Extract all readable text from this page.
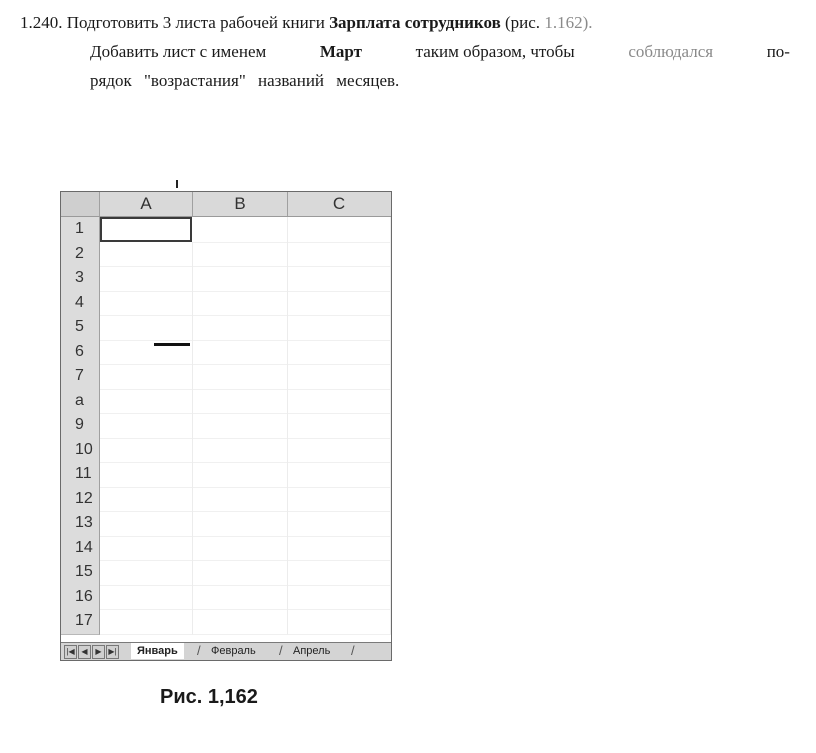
1.240. Подготовить 3 листа рабочей книги Зарплата сотрудников (рис. 1.162).
Добавить лист с именем	Март	таким образом, чтобы	соблюдался	по-
рядок "возрастания" названий месяцев.
A	B	C
1
2
3
4
5
6
7
a
9
10
11
12
13
14
15
16
17
|◀ ◀ ▶ ▶|	Январь	/ Февраль	/ Апрель	/
Рис. 1,162
